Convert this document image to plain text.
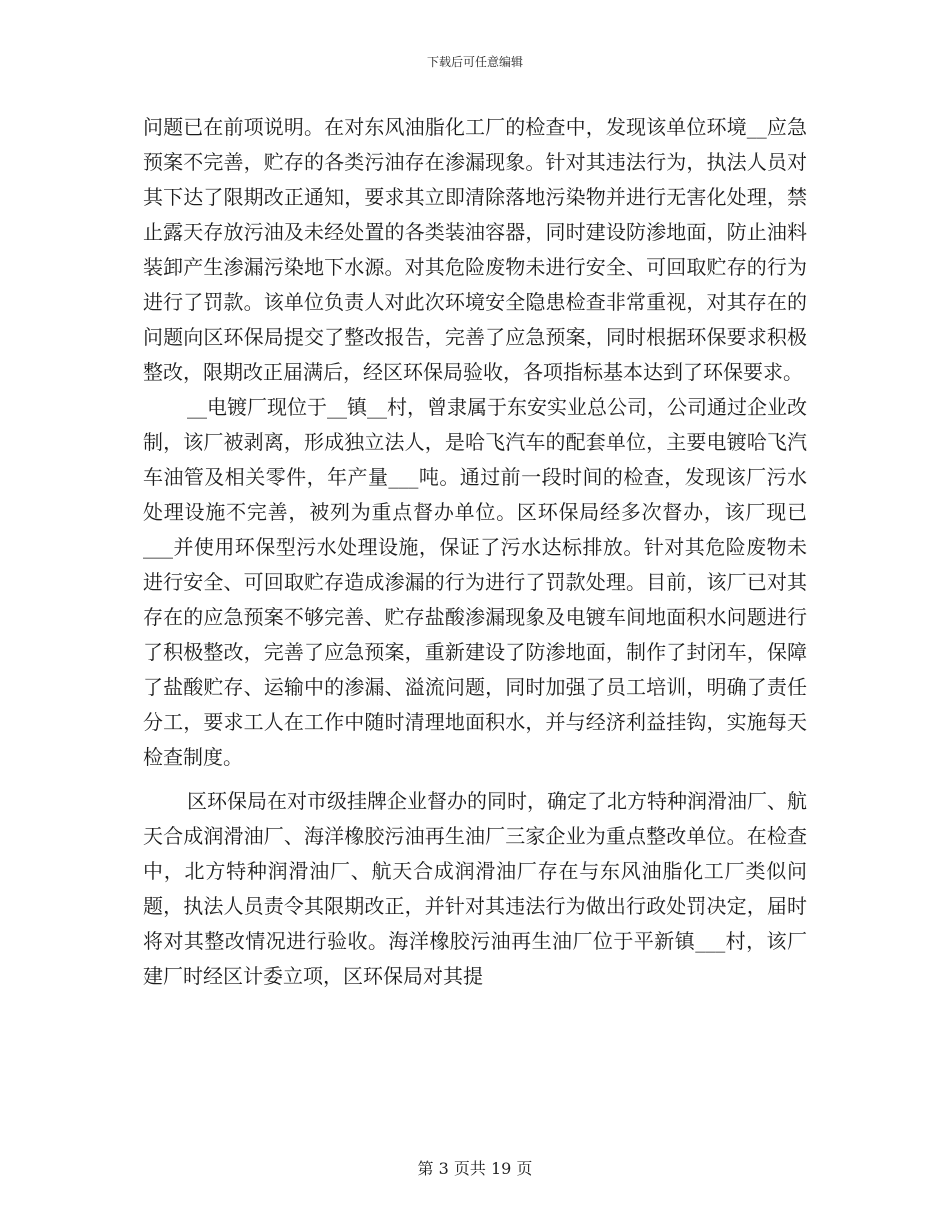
下载后可任意编辑

问题已在前项说明。在对东风油脂化工厂的检查中，发现该单位环境__应急预案不完善，贮存的各类污油存在渗漏现象。针对其违法行为，执法人员对其下达了限期改正通知，要求其立即清除落地污染物并进行无害化处理，禁止露天存放污油及未经处置的各类装油容器，同时建设防渗地面，防止油料装卸产生渗漏污染地下水源。对其危险废物未进行安全、可回取贮存的行为进行了罚款。该单位负责人对此次环境安全隐患检查非常重视，对其存在的问题向区环保局提交了整改报告，完善了应急预案，同时根据环保要求积极整改，限期改正届满后，经区环保局验收，各项指标基本达到了环保要求。

__电镀厂现位于__镇__村，曾隶属于东安实业总公司，公司通过企业改制，该厂被剥离，形成独立法人，是哈飞汽车的配套单位，主要电镀哈飞汽车油管及相关零件，年产量___吨。通过前一段时间的检查，发现该厂污水处理设施不完善，被列为重点督办单位。区环保局经多次督办，该厂现已___并使用环保型污水处理设施，保证了污水达标排放。针对其危险废物未进行安全、可回取贮存造成渗漏的行为进行了罚款处理。目前，该厂已对其存在的应急预案不够完善、贮存盐酸渗漏现象及电镀车间地面积水问题进行了积极整改，完善了应急预案，重新建设了防渗地面，制作了封闭车，保障了盐酸贮存、运输中的渗漏、溢流问题，同时加强了员工培训，明确了责任分工，要求工人在工作中随时清理地面积水，并与经济利益挂钩，实施每天检查制度。

区环保局在对市级挂牌企业督办的同时，确定了北方特种润滑油厂、航天合成润滑油厂、海洋橡胶污油再生油厂三家企业为重点整改单位。在检查中，北方特种润滑油厂、航天合成润滑油厂存在与东风油脂化工厂类似问题，执法人员责令其限期改正，并针对其违法行为做出行政处罚决定，届时将对其整改情况进行验收。海洋橡胶污油再生油厂位于平新镇___村，该厂建厂时经区计委立项，区环保局对其提

第 3 页共 19 页
